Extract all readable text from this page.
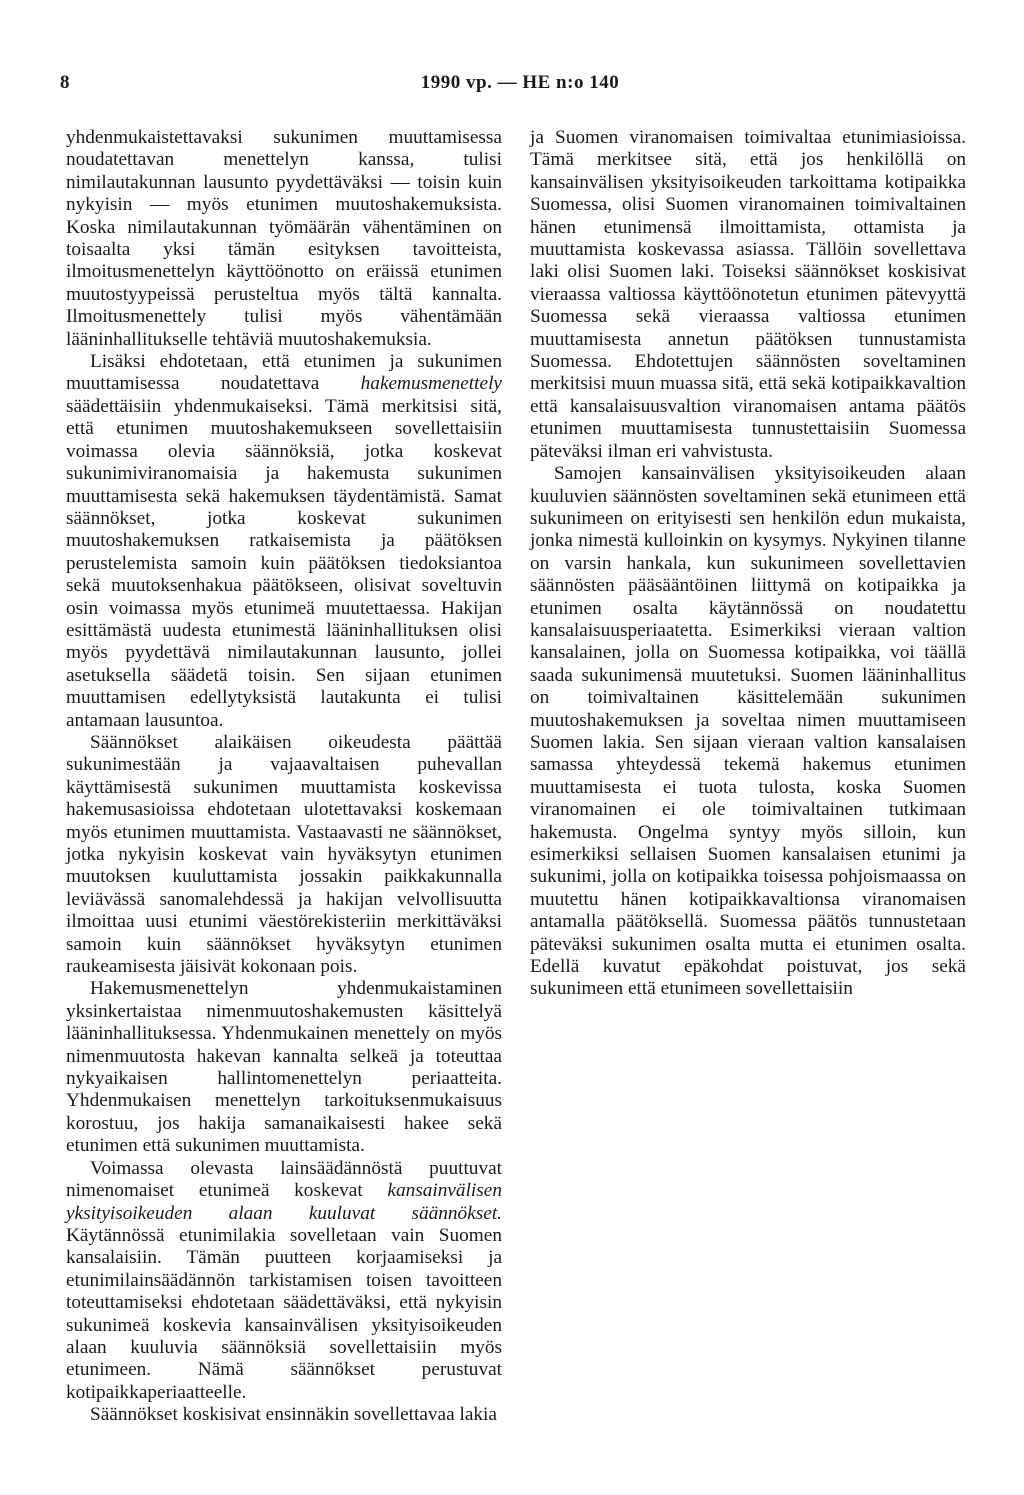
8	1990 vp. — HE n:o 140

yhdenmukaistettavaksi sukunimen muuttamisessa noudatettavan menettelyn kanssa, tulisi nimilautakunnan lausunto pyydettäväksi — toisin kuin nykyisin — myös etunimen muutoshakemuksista. Koska nimilautakunnan työmäärän vähentäminen on toisaalta yksi tämän esityksen tavoitteista, ilmoitusmenettelyn käyttöönotto on eräissä etunimen muutostyypeissä perusteltua myös tältä kannalta. Ilmoitusmenettely tulisi myös vähentämään lääninhallitukselle tehtäviä muutoshakemuksia.

Lisäksi ehdotetaan, että etunimen ja sukunimen muuttamisessa noudatettava hakemusmenettely säädettäisiin yhdenmukaiseksi. Tämä merkitsisi sitä, että etunimen muutoshakemukseen sovellettaisiin voimassa olevia säännöksiä, jotka koskevat sukunimiviranomaisia ja hakemusta sukunimen muuttamisesta sekä hakemuksen täydentämistä. Samat säännökset, jotka koskevat sukunimen muutoshakemuksen ratkaisemista ja päätöksen perustelemista samoin kuin päätöksen tiedoksiantoa sekä muutoksenhakua päätökseen, olisivat soveltuvin osin voimassa myös etunimeä muutettaessa. Hakijan esittämästä uudesta etunimestä lääninhallituksen olisi myös pyydettävä nimilautakunnan lausunto, jollei asetuksella säädetä toisin. Sen sijaan etunimen muuttamisen edellytyksistä lautakunta ei tulisi antamaan lausuntoa.

Säännökset alaikäisen oikeudesta päättää sukunimestään ja vajaavaltaisen puhevallan käyttämisestä sukunimen muuttamista koskevissa hakemusasioissa ehdotetaan ulotettavaksi koskemaan myös etunimen muuttamista. Vastaavasti ne säännökset, jotka nykyisin koskevat vain hyväksytyn etunimen muutoksen kuuluttamista jossakin paikkakunnalla leviävässä sanomalehdessä ja hakijan velvollisuutta ilmoittaa uusi etunimi väestörekisteriin merkittäväksi samoin kuin säännökset hyväksytyn etunimen raukeamisesta jäisivät kokonaan pois.

Hakemusmenettelyn yhdenmukaistaminen yksinkertaistaa nimenmuutoshakemusten käsittelyä lääninhallituksessa. Yhdenmukainen menettely on myös nimenmuutosta hakevan kannalta selkeä ja toteuttaa nykyaikaisen hallintomenettelyn periaatteita. Yhdenmukaisen menettelyn tarkoituksenmukaisuus korostuu, jos hakija samanaikaisesti hakee sekä etunimen että sukunimen muuttamista.

Voimassa olevasta lainsäädännöstä puuttuvat nimenomaiset etunimeä koskevat kansainvälisen yksityisoikeuden alaan kuuluvat säännökset. Käytännössä etunimilakia sovelletaan vain Suomen kansalaisiin. Tämän puutteen korjaamiseksi ja etunimilainsäädännön tarkistamisen toisen tavoitteen toteuttamiseksi ehdotetaan säädettäväksi, että nykyisin sukunimeä koskevia kansainvälisen yksityisoikeuden alaan kuuluvia säännöksiä sovellettaisiin myös etunimeen. Nämä säännökset perustuvat kotipaikkaperiaatteelle.

Säännökset koskisivat ensinnäkin sovellettavaa lakia

ja Suomen viranomaisen toimivaltaa etunimiasioissa. Tämä merkitsee sitä, että jos henkilöllä on kansainvälisen yksityisoikeuden tarkoittama kotipaikka Suomessa, olisi Suomen viranomainen toimivaltainen hänen etunimensä ilmoittamista, ottamista ja muuttamista koskevassa asiassa. Tällöin sovellettava laki olisi Suomen laki. Toiseksi säännökset koskisivat vieraassa valtiossa käyttöönotetun etunimen pätevyyttä Suomessa sekä vieraassa valtiossa etunimen muuttamisesta annetun päätöksen tunnustamista Suomessa. Ehdotettujen säännösten soveltaminen merkitsisi muun muassa sitä, että sekä kotipaikkavaltion että kansalaisuusvaltion viranomaisen antama päätös etunimen muuttamisesta tunnustettaisiin Suomessa päteväksi ilman eri vahvistusta.

Samojen kansainvälisen yksityisoikeuden alaan kuuluvien säännösten soveltaminen sekä etunimeen että sukunimeen on erityisesti sen henkilön edun mukaista, jonka nimestä kulloinkin on kysymys. Nykyinen tilanne on varsin hankala, kun sukunimeen sovellettavien säännösten pääsääntöinen liittymä on kotipaikka ja etunimen osalta käytännössä on noudatettu kansalaisuusperiaatetta. Esimerkiksi vieraan valtion kansalainen, jolla on Suomessa kotipaikka, voi täällä saada sukunimensä muutetuksi. Suomen lääninhallitus on toimivaltainen käsittelemään sukunimen muutoshakemuksen ja soveltaa nimen muuttamiseen Suomen lakia. Sen sijaan vieraan valtion kansalaisen samassa yhteydessä tekemä hakemus etunimen muuttamisesta ei tuota tulosta, koska Suomen viranomainen ei ole toimivaltainen tutkimaan hakemusta. Ongelma syntyy myös silloin, kun esimerkiksi sellaisen Suomen kansalaisen etunimi ja sukunimi, jolla on kotipaikka toisessa pohjoismaassa on muutettu hänen kotipaikkavaltionsa viranomaisen antamalla päätöksellä. Suomessa päätös tunnustetaan päteväksi sukunimen osalta mutta ei etunimen osalta. Edellä kuvatut epäkohdat poistuvat, jos sekä sukunimeen että etunimeen sovellettaisiin
